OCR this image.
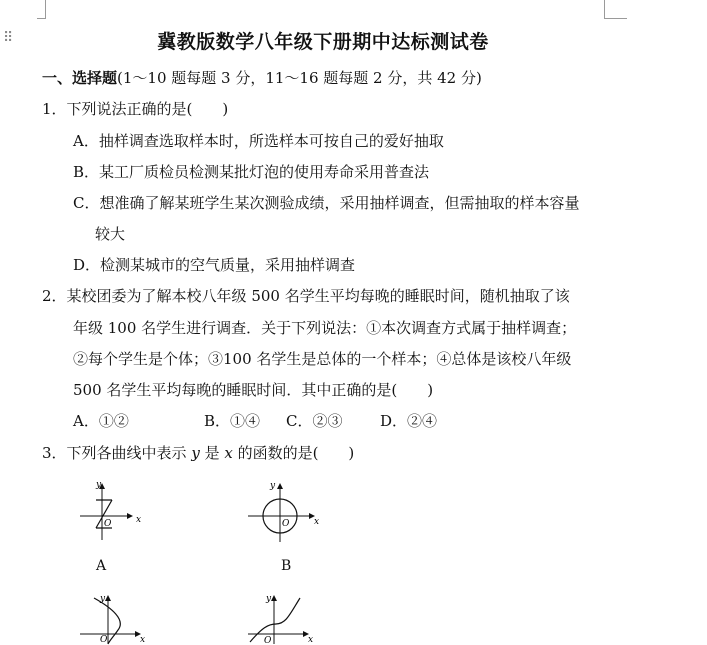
⠿	冀教版数学八年级下册期中达标测试卷
一、选择题(1～10 题每题 3 分，11～16 题每题 2 分，共 42 分)
1．下列说法正确的是(　　)
A．抽样调查选取样本时，所选样本可按自己的爱好抽取
B．某工厂质检员检测某批灯泡的使用寿命采用普查法
C．想准确了解某班学生某次测验成绩，采用抽样调查，但需抽取的样本容量
较大
D．检测某城市的空气质量，采用抽样调查
2．某校团委为了解本校八年级 500 名学生平均每晚的睡眠时间，随机抽取了该
年级 100 名学生进行调查．关于下列说法：①本次调查方式属于抽样调查；
②每个学生是个体；③100 名学生是总体的一个样本；④总体是该校八年级
500 名学生平均每晚的睡眠时间．其中正确的是(　　)
A．①②	B．①④ C．②③	D．②④
3．下列各曲线中表示 y 是 x 的函数的是(　　)
x
y
O	x
y
O
A	B
x
y
O	x
y
O
